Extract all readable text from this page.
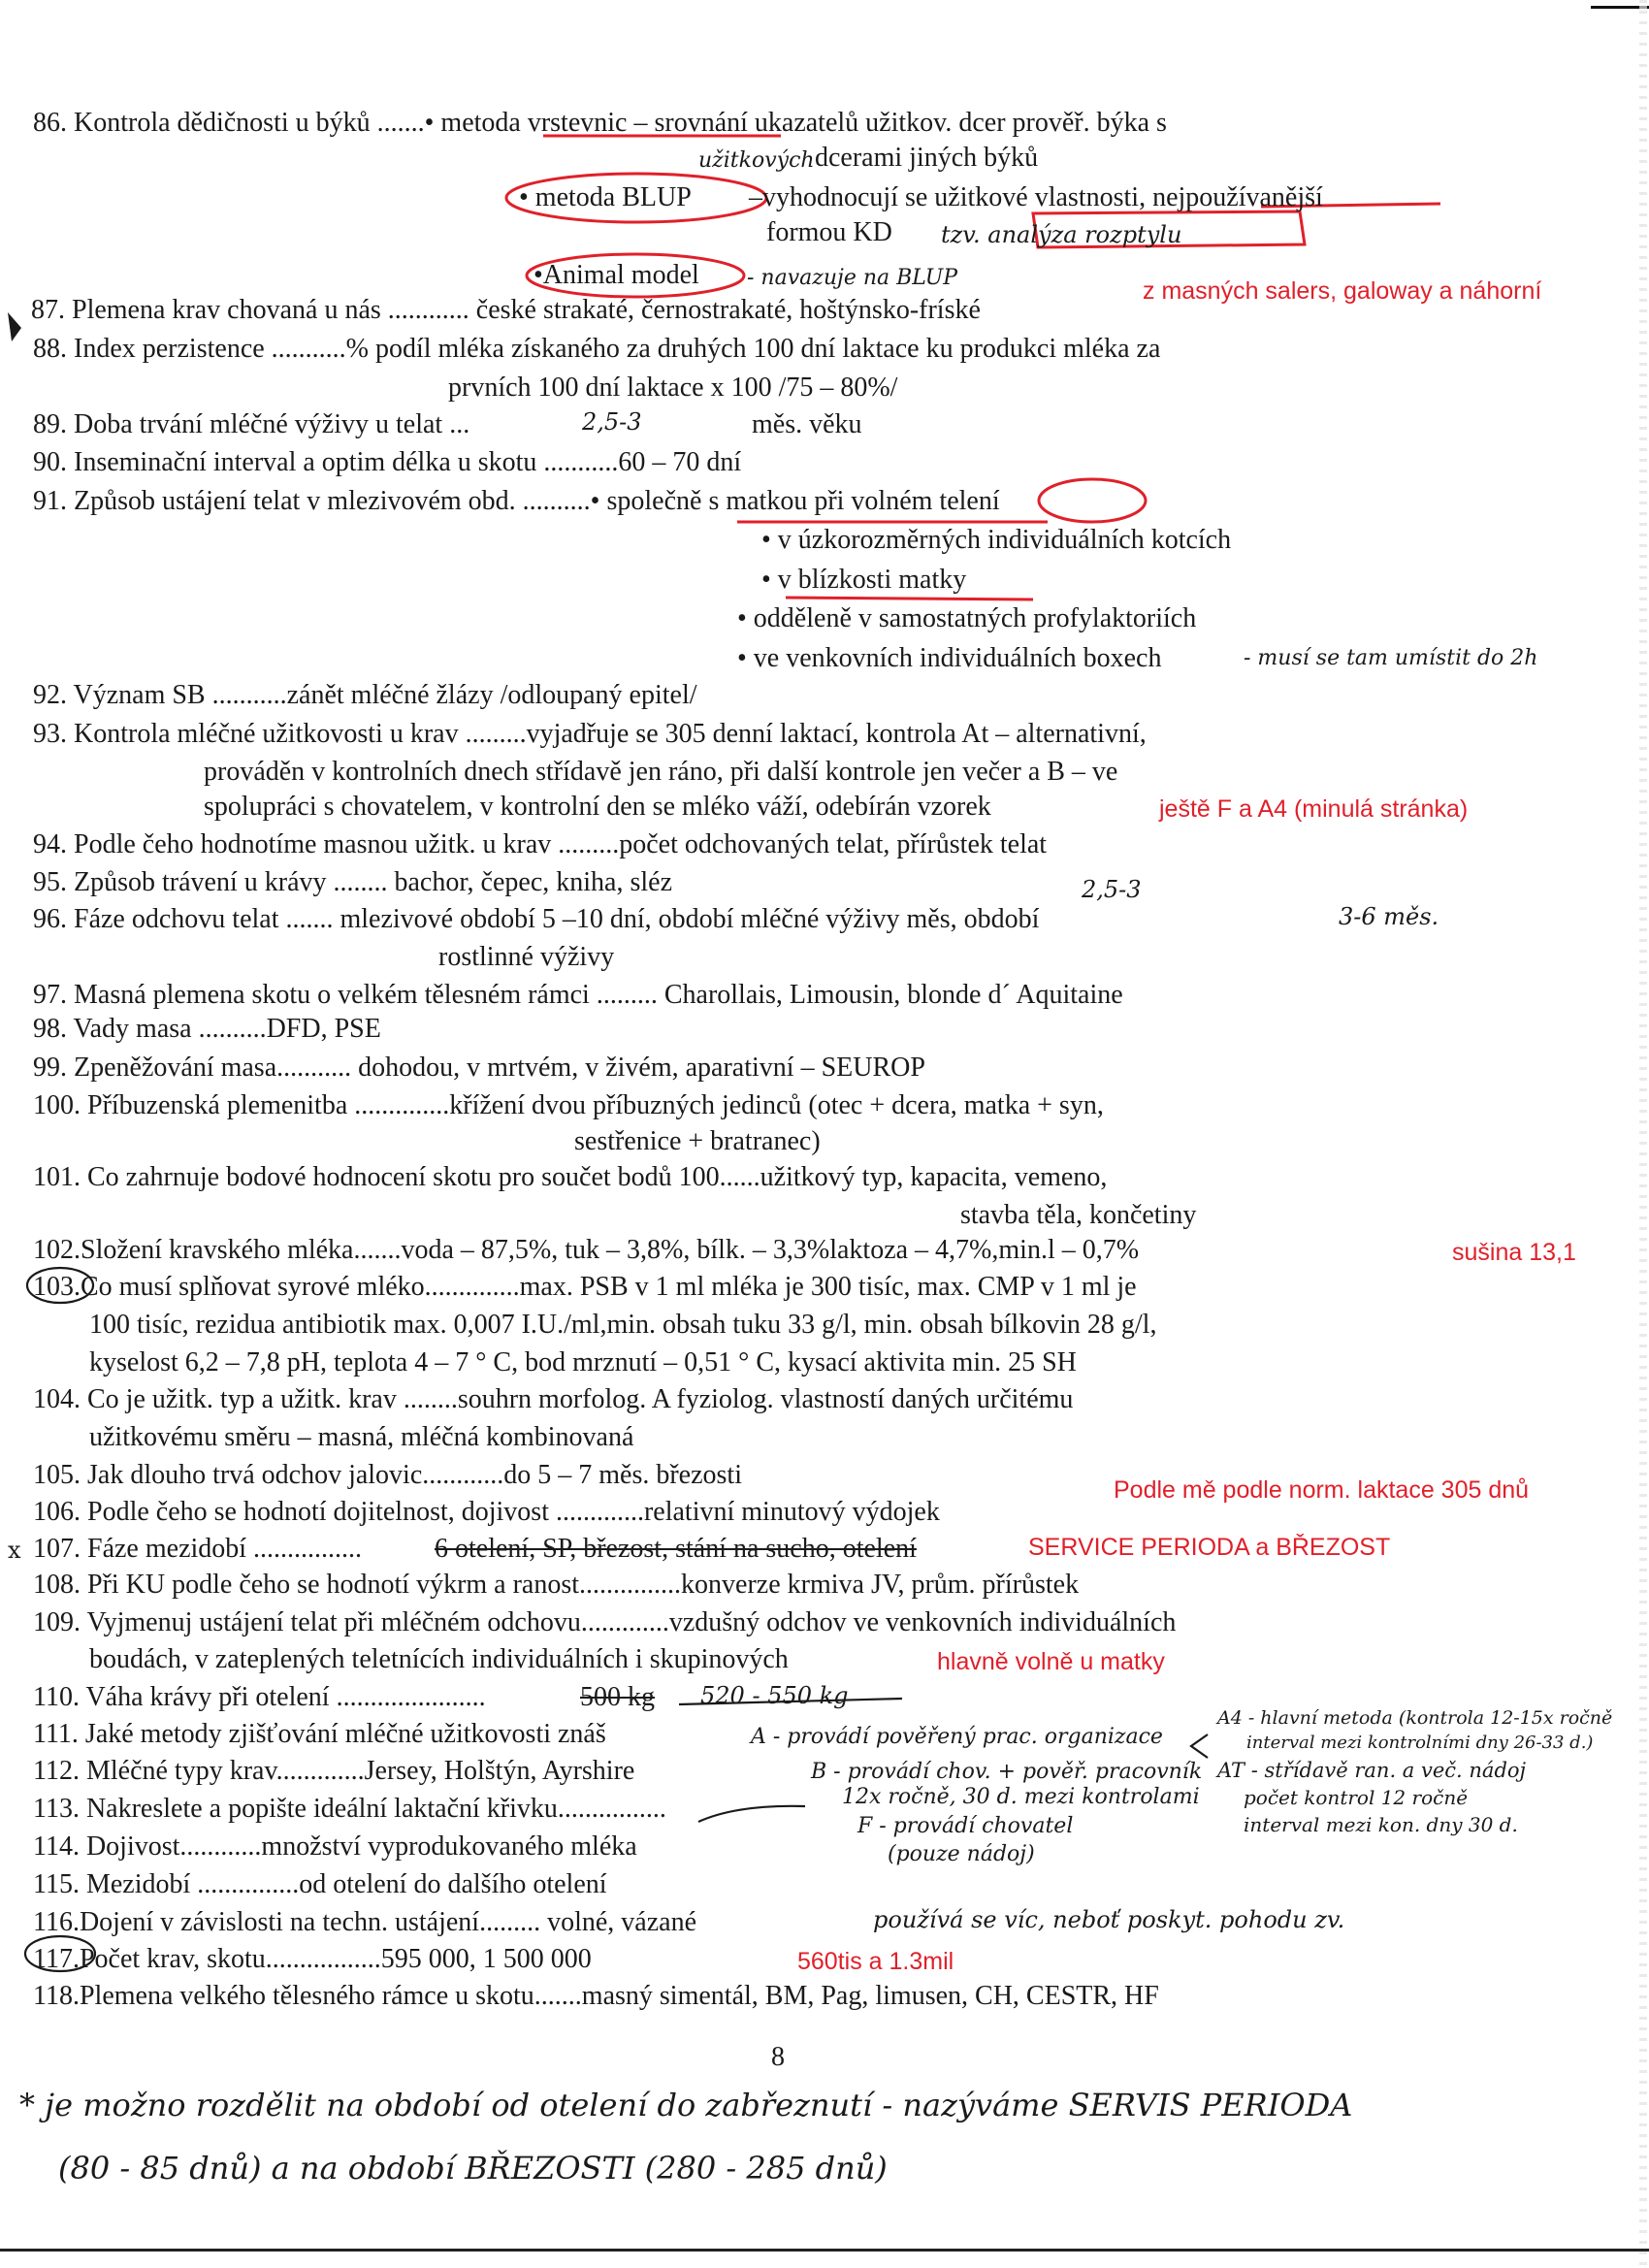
x
86. Kontrola dědičnosti u býků .......• metoda vrstevnic – srovnání ukazatelů užitkov. dcer prověř. býka s
užitkových dcerami jiných býků
• metoda BLUP –vyhodnocují se užitkové vlastnosti, nejpoužívanější
formou KD tzv. analýza rozptylu
•Animal model - navazuje na BLUP	z masných salers, galoway a náhorní
87. Plemena krav chovaná u nás ............ české strakaté, černostrakaté, hoštýnsko-fríské
88. Index perzistence ...........% podíl mléka získaného za druhých 100 dní laktace ku produkci mléka za
prvních 100 dní laktace x 100 /75 – 80%/
89. Doba trvání mléčné výživy u telat ...	2,5-3	měs. věku
90. Inseminační interval a optim délka u skotu ...........60 – 70 dní
91. Způsob ustájení telat v mlezivovém obd. ..........• společně s matkou při volném telení
• v úzkorozměrných individuálních kotcích
• v blízkosti matky
• odděleně v samostatných profylaktoriích
• ve venkovních individuálních boxech	- musí se tam umístit do 2h
92. Význam SB ...........zánět mléčné žlázy /odloupaný epitel/
93. Kontrola mléčné užitkovosti u krav .........vyjadřuje se 305 denní laktací, kontrola At – alternativní,
prováděn v kontrolních dnech střídavě jen ráno, při další kontrole jen večer a B – ve
spolupráci s chovatelem, v kontrolní den se mléko váží, odebírán vzorek	ještě F a A4 (minulá stránka)
94. Podle čeho hodnotíme masnou užitk. u krav .........počet odchovaných telat, přírůstek telat
95. Způsob trávení u krávy ........ bachor, čepec, kniha, sléz	2,5-3
96. Fáze odchovu telat ....... mlezivové období 5 –10 dní, období mléčné výživy měs, období	3-6 měs.
rostlinné výživy
97. Masná plemena skotu o velkém tělesném rámci ......... Charollais, Limousin, blonde d´ Aquitaine
98. Vady masa ..........DFD, PSE
99. Zpeněžování masa........... dohodou, v mrtvém, v živém, aparativní – SEUROP
100. Příbuzenská plemenitba ..............křížení dvou příbuzných jedinců (otec + dcera, matka + syn,
sestřenice + bratranec)
101. Co zahrnuje bodové hodnocení skotu pro součet bodů 100......užitkový typ, kapacita, vemeno,
stavba těla, končetiny
102.Složení kravského mléka.......voda – 87,5%, tuk – 3,8%, bílk. – 3,3%laktoza – 4,7%,min.l – 0,7%	sušina 13,1
103.Co musí splňovat syrové mléko..............max. PSB v 1 ml mléka je 300 tisíc, max. CMP v 1 ml je
100 tisíc, rezidua antibiotik max. 0,007 I.U./ml,min. obsah tuku 33 g/l, min. obsah bílkovin 28 g/l,
kyselost 6,2 – 7,8 pH, teplota 4 – 7 ° C, bod mrznutí – 0,51 ° C, kysací aktivita min. 25 SH
104. Co je užitk. typ a užitk. krav ........souhrn morfolog. A fyziolog. vlastností daných určitému
užitkovému směru – masná, mléčná kombinovaná
105. Jak dlouho trvá odchov jalovic............do 5 – 7 měs. březosti	Podle mě podle norm. laktace 305 dnů
106. Podle čeho se hodnotí dojitelnost, dojivost .............relativní minutový výdojek
107. Fáze mezidobí ................	6 otelení, SP, březost, stání na sucho, otelení	SERVICE PERIODA a BŘEZOST
108. Při KU podle čeho se hodnotí výkrm a ranost...............konverze krmiva JV, prům. přírůstek
109. Vyjmenuj ustájení telat při mléčném odchovu.............vzdušný odchov ve venkovních individuálních
boudách, v zateplených teletnících individuálních i skupinových	hlavně volně u matky
110. Váha krávy při otelení ......................	500 kg 520 - 550 kg
111. Jaké metody zjišťování mléčné užitkovosti znáš	A - provádí pověřený prac. organizace
112. Mléčné typy krav.............Jersey, Holštýn, Ayrshire	B - provádí chov. + pověř. pracovník
12x ročně, 30 d. mezi kontrolami
113. Nakreslete a popište ideální laktační křivku................
F - provádí chovatel
(pouze nádoj)
A4 - hlavní metoda (kontrola 12-15x ročně
interval mezi kontrolními dny 26-33 d.)
AT - střídavě ran. a več. nádoj
počet kontrol 12 ročně
interval mezi kon. dny 30 d.
114. Dojivost............množství vyprodukovaného mléka
115. Mezidobí ...............od otelení do dalšího otelení
116.Dojení v závislosti na techn. ustájení......... volné, vázané	používá se víc, neboť poskyt. pohodu zv.
117.Počet krav, skotu.................595 000, 1 500 000	560tis a 1.3mil
118.Plemena velkého tělesného rámce u skotu.......masný simentál, BM, Pag, limusen, CH, CESTR, HF
8
* je možno rozdělit na období od otelení do zabřeznutí - nazýváme SERVIS PERIODA
(80 - 85 dnů) a na období BŘEZOSTI (280 - 285 dnů)
